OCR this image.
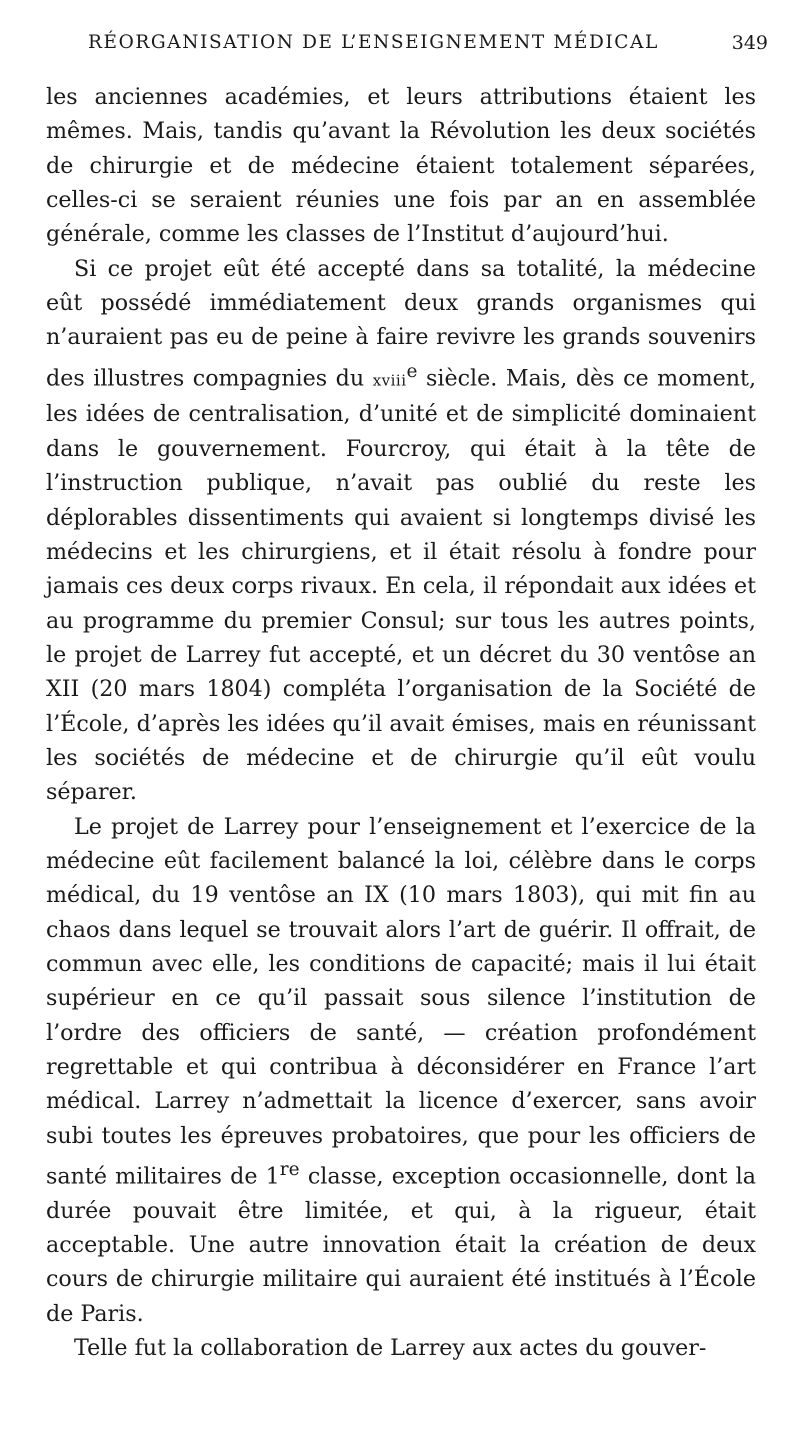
RÉORGANISATION DE L’ENSEIGNEMENT MÉDICAL	349

les anciennes académies, et leurs attributions étaient les mêmes. Mais, tandis qu’avant la Révolution les deux sociétés de chirurgie et de médecine étaient totalement séparées, celles-ci se seraient réunies une fois par an en assemblée générale, comme les classes de l’Institut d’aujourd’hui.

Si ce projet eût été accepté dans sa totalité, la médecine eût possédé immédiatement deux grands organismes qui n’auraient pas eu de peine à faire revivre les grands souvenirs des illustres compagnies du xviii$^e$ siècle. Mais, dès ce moment, les idées de centralisation, d’unité et de simplicité dominaient dans le gouvernement. Fourcroy, qui était à la tête de l’instruction publique, n’avait pas oublié du reste les déplorables dissentiments qui avaient si longtemps divisé les médecins et les chirurgiens, et il était résolu à fondre pour jamais ces deux corps rivaux. En cela, il répondait aux idées et au programme du premier Consul; sur tous les autres points, le projet de Larrey fut accepté, et un décret du 30 ventôse an XII (20 mars 1804) compléta l’organisation de la Société de l’École, d’après les idées qu’il avait émises, mais en réunissant les sociétés de médecine et de chirurgie qu’il eût voulu séparer.

Le projet de Larrey pour l’enseignement et l’exercice de la médecine eût facilement balancé la loi, célèbre dans le corps médical, du 19 ventôse an IX (10 mars 1803), qui mit fin au chaos dans lequel se trouvait alors l’art de guérir. Il offrait, de commun avec elle, les conditions de capacité; mais il lui était supérieur en ce qu’il passait sous silence l’institution de l’ordre des officiers de santé, — création profondément regrettable et qui contribua à déconsidérer en France l’art médical. Larrey n’admettait la licence d’exercer, sans avoir subi toutes les épreuves probatoires, que pour les officiers de santé militaires de 1re classe, exception occasionnelle, dont la durée pouvait être limitée, et qui, à la rigueur, était acceptable. Une autre innovation était la création de deux cours de chirurgie militaire qui auraient été institués à l’École de Paris.

Telle fut la collaboration de Larrey aux actes du gouver-
